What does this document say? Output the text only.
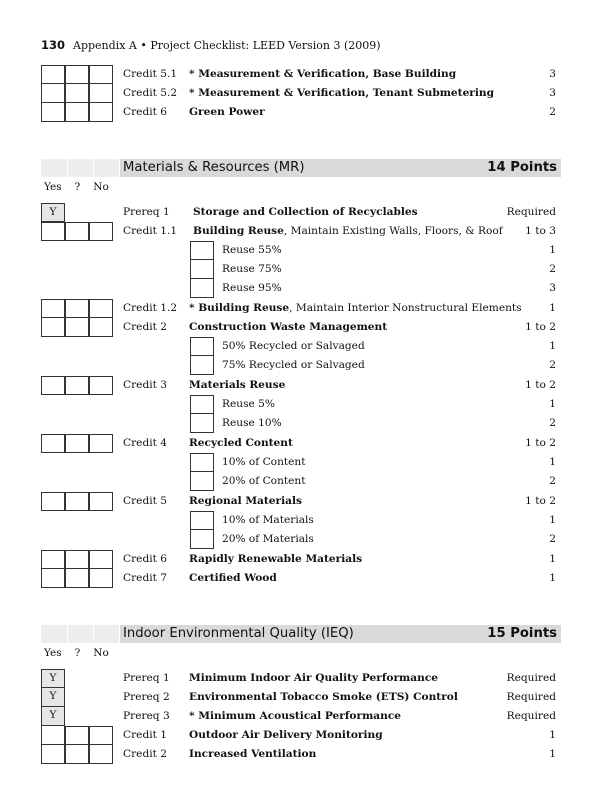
130 Appendix A • Project Checklist: LEED Version 3 (2009)
Credit 5.1 * Measurement & Verification, Base Building	3
Credit 5.2 * Measurement & Verification, Tenant Submetering	3
Credit 6 Green Power	2
Materials & Resources (MR)	14 Points
Yes ? No
Y	Prereq 1 Storage and Collection of Recyclables	Required
Credit 1.1 Building Reuse, Maintain Existing Walls, Floors, & Roof 1 to 3
Reuse 55%	1
Reuse 75%	2
Reuse 95%	3
Credit 1.2 * Building Reuse, Maintain Interior Nonstructural Elements	1
Credit 2 Construction Waste Management	1 to 2
50% Recycled or Salvaged	1
75% Recycled or Salvaged	2
Credit 3 Materials Reuse	1 to 2
Reuse 5%	1
Reuse 10%	2
Credit 4 Recycled Content	1 to 2
10% of Content	1
20% of Content	2
Credit 5 Regional Materials	1 to 2
10% of Materials	1
20% of Materials	2
Credit 6 Rapidly Renewable Materials	1
Credit 7 Certified Wood	1
Indoor Environmental Quality (IEQ)	15 Points
Yes ? No
Y	Prereq 1 Minimum Indoor Air Quality Performance	Required
Y	Prereq 2 Environmental Tobacco Smoke (ETS) Control	Required
Y	Prereq 3 * Minimum Acoustical Performance	Required
Credit 1 Outdoor Air Delivery Monitoring	1
Credit 2 Increased Ventilation	1
